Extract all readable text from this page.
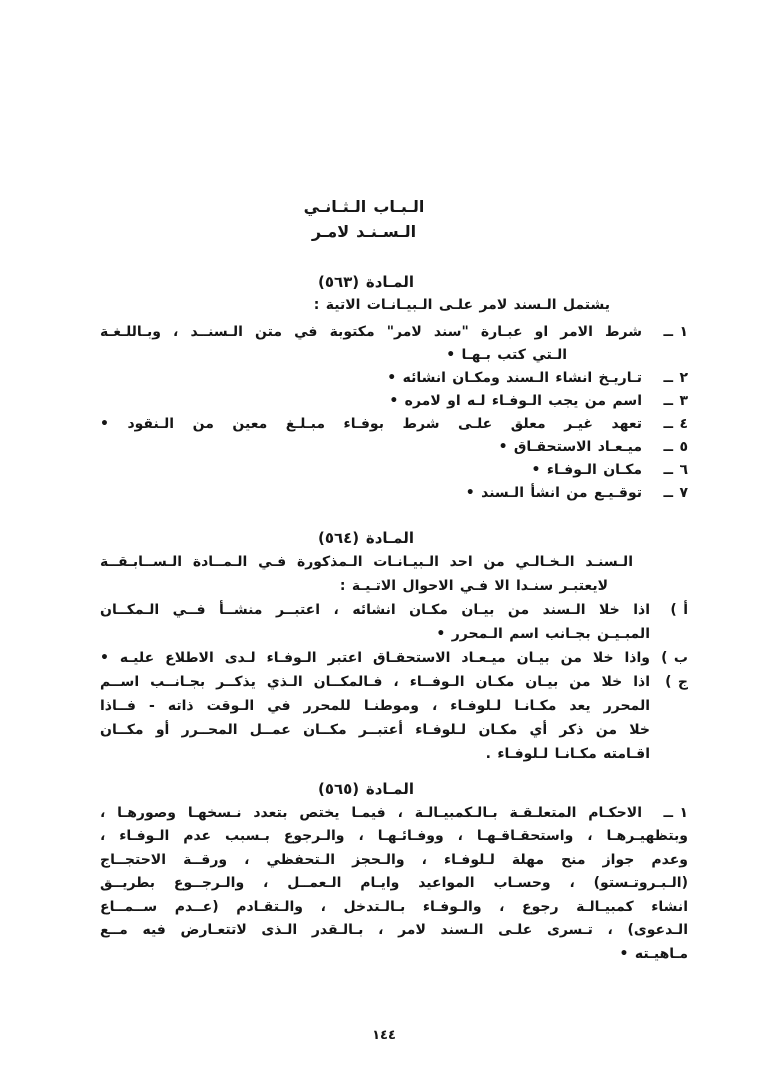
الـبـاب الـثـانـي
الـسـنـد لامـر
المـادة (٥٦٣)
يشتمل الـسند لامر علـى الـبيـانـات الاتية :
١ ــ
شرط الامر او عبـارة "سند لامر" مكتوبة في متن الـسنــد ، وبـاللـغـة
الـتي كتب بـهـا •
٢ ــ
تـاريـخ انشاء الـسند ومكـان انشائه •
٣ ــ
اسم من يجب الـوفـاء لـه او لامره •
٤ ــ
تعهد غيـر معلق علـى شرط بوفـاء مبـلـغ معين من الـنقود •
٥ ــ
ميـعـاد الاستحقـاق •
٦ ــ
مكـان الـوفـاء •
٧ ــ
توقـيـع من انشأ الـسند •
المـادة (٥٦٤)
الـسنـد الـخـالـي من احد الـبيـانـات الـمذكورة فـي الـمــادة الـســابـقــة
لايعتبـر سنـدا الا فـي الاحوال الاتـيـة :
أ )
اذا خلا الـسند من بيـان مكـان انشائه ، اعتبــر منشــأ فــي الـمكــان
المبـيـن بجـانب اسم الـمحرر •
ب )
واذا خلا من بيـان ميـعـاد الاستحقـاق اعتبر الـوفـاء لـدى الاطلاع عليـه •
ج )
اذا خلا من بيـان مكـان الـوفــاء ، فـالمكــان الـذي يذكــر بجـانــب اســم
المحرر يعد مكـانـا لـلوفـاء ، وموطنـا للمحرر في الـوقت ذاته - فــاذا
خلا من ذكر أي مكـان لـلوفـاء أعتبــر مكــان عمــل المحــرر أو مكــان
اقـامته مكـانـا لـلوفـاء .
المـادة (٥٦٥)
١ ــ
الاحكـام المتعلـقـة بـالـكمبيـالـة ، فيمـا يختص بتعدد نـسخهـا وصورهـا ،
وبتظهيـرهـا ، واستحقـاقـهـا ، ووفـائـهـا ، والـرجوع بـسبب عدم الـوفـاء ،
وعدم جواز منح مهلة لـلوفـاء ، والـحجز الـتحفظي ، ورقــة الاحتجــاج
(الـبـروتـستو) ، وحسـاب المواعيد وايـام الـعمــل ، والـرجــوع بطريــق
انشاء كمبيـالـة رجوع ، والـوفـاء بـالـتدخل ، والـتقـادم (عــدم ســمــاع
الـدعوى) ، تـسرى علـى الـسند لامر ، بـالـقدر الـذى لاتتعـارض فيه مــع
مـاهيـته •
١٤٤
